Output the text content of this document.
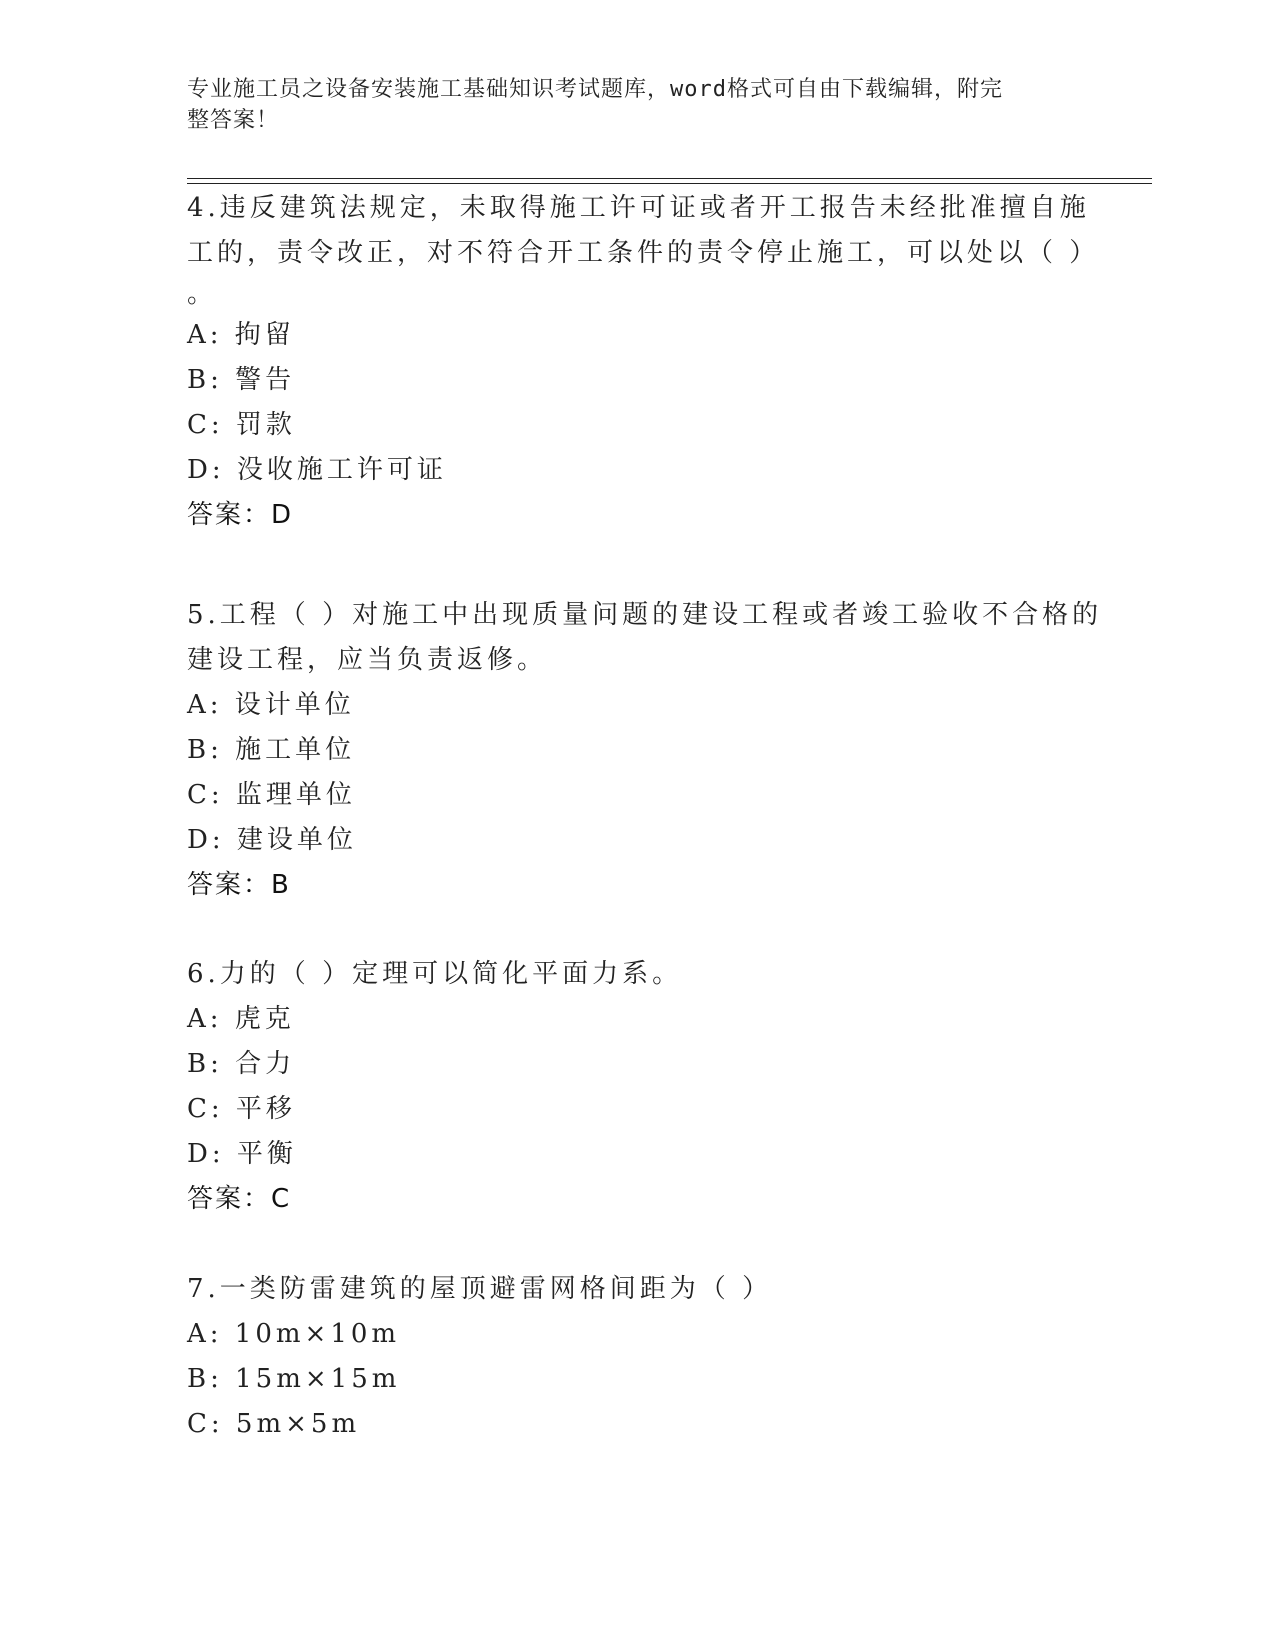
专业施工员之设备安装施工基础知识考试题库，word格式可自由下载编辑，附完
整答案！
4.违反建筑法规定，未取得施工许可证或者开工报告未经批准擅自施
工的，责令改正，对不符合开工条件的责令停止施工，可以处以（ ）
。
A: 拘留
B: 警告
C: 罚款
D: 没收施工许可证
答案：D
5.工程（ ）对施工中出现质量问题的建设工程或者竣工验收不合格的
建设工程，应当负责返修。
A: 设计单位
B: 施工单位
C: 监理单位
D: 建设单位
答案：B
6.力的（ ）定理可以简化平面力系。
A: 虎克
B: 合力
C: 平移
D: 平衡
答案：C
7.一类防雷建筑的屋顶避雷网格间距为（ ）
A: 10m×10m
B: 15m×15m
C: 5m×5m
